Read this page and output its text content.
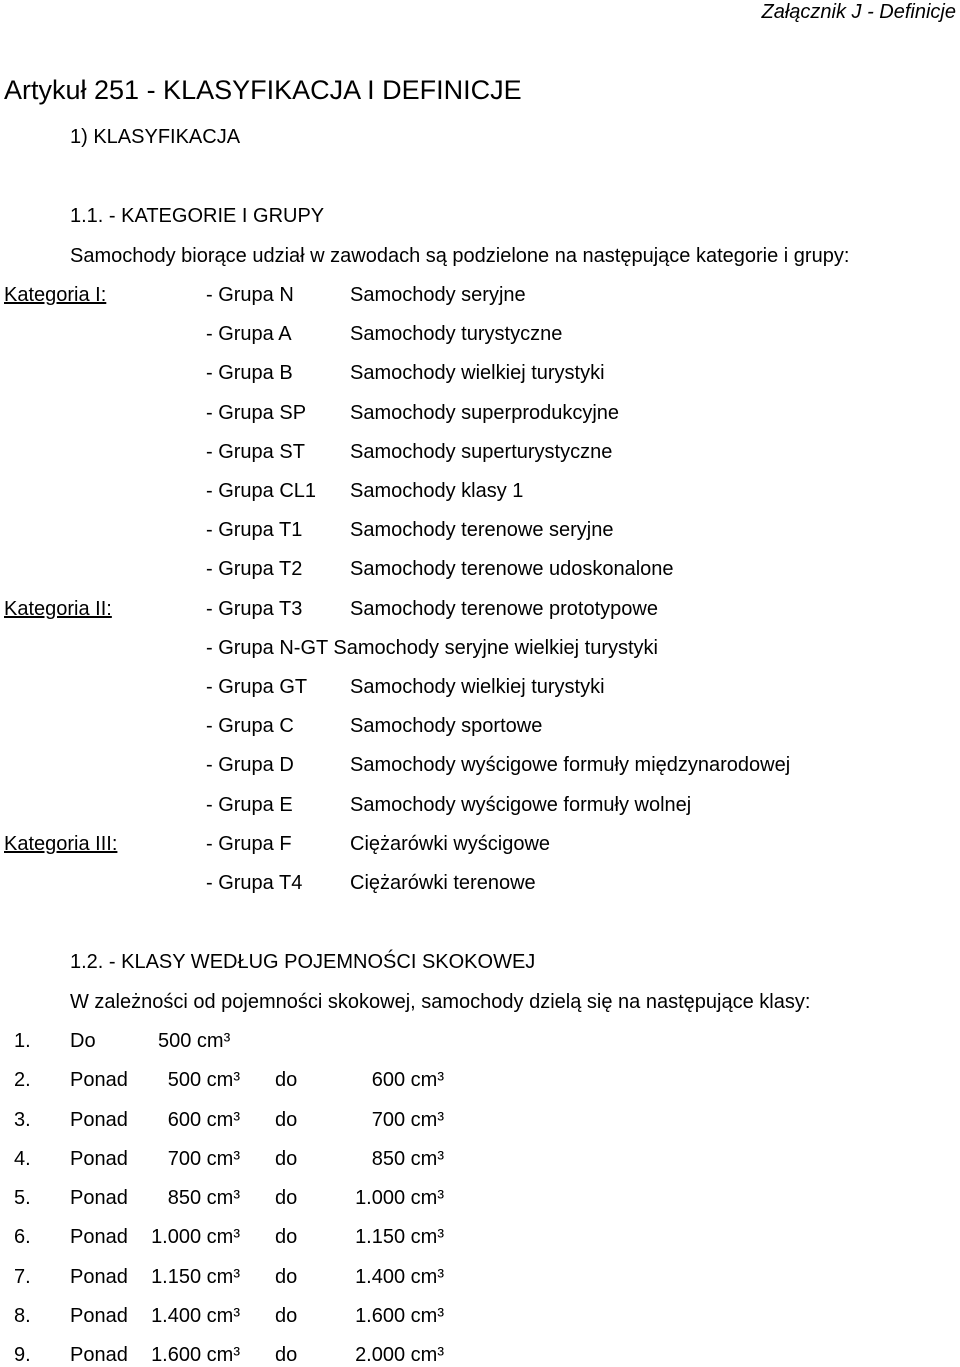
Załącznik J - Definicje
Artykuł 251 - KLASYFIKACJA I DEFINICJE
1) KLASYFIKACJA
1.1. - KATEGORIE I GRUPY
Samochody biorące udział w zawodach są podzielone na następujące kategorie i grupy:
Kategoria I:	- Grupa N	Samochody seryjne
- Grupa A	Samochody turystyczne
- Grupa B	Samochody wielkiej turystyki
- Grupa SP Samochody superprodukcyjne
- Grupa ST Samochody superturystyczne
- Grupa CL1 Samochody klasy 1
- Grupa T1 Samochody terenowe seryjne
- Grupa T2 Samochody terenowe udoskonalone
Kategoria II:	- Grupa T3 Samochody terenowe prototypowe
- Grupa N-GT Samochody seryjne wielkiej turystyki
- Grupa GT Samochody wielkiej turystyki
- Grupa C	Samochody sportowe
- Grupa D	Samochody wyścigowe formuły międzynarodowej
- Grupa E	Samochody wyścigowe formuły wolnej
Kategoria III:	- Grupa F	Ciężarówki wyścigowe
- Grupa T4 Ciężarówki terenowe
1.2. - KLASY WEDŁUG POJEMNOŚCI SKOKOWEJ
W zależności od pojemności skokowej, samochody dzielą się na następujące klasy:
1. Do	500 cm³
2. Ponad	500 cm³ do	600 cm³
3. Ponad	600 cm³ do	700 cm³
4. Ponad	700 cm³ do	850 cm³
5. Ponad	850 cm³ do	1.000 cm³
6. Ponad	1.000 cm³ do	1.150 cm³
7. Ponad	1.150 cm³ do	1.400 cm³
8. Ponad	1.400 cm³ do	1.600 cm³
9. Ponad	1.600 cm³ do	2.000 cm³
